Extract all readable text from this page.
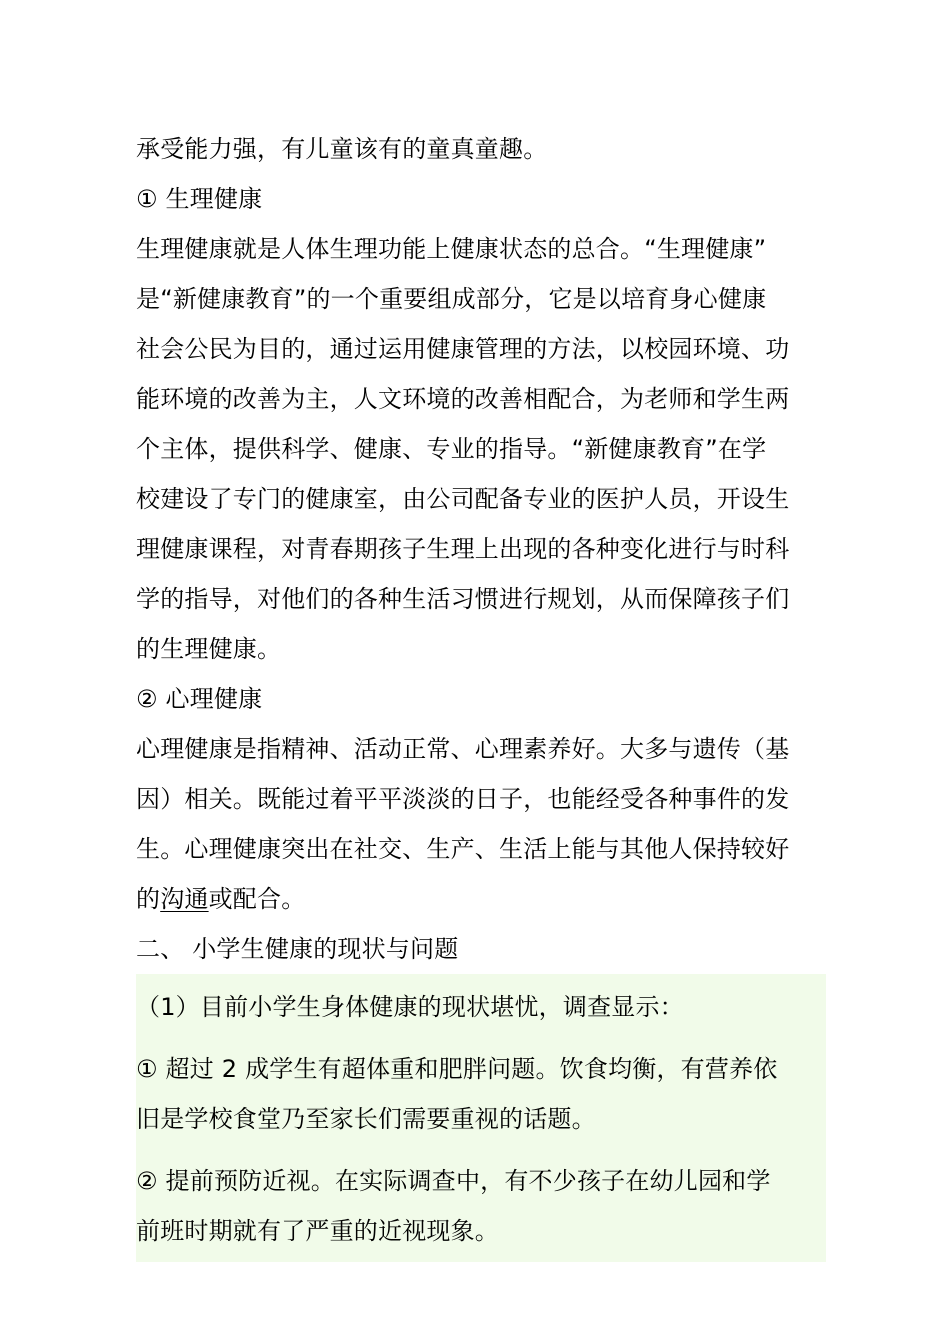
承受能力强，有儿童该有的童真童趣。
① 生理健康
生理健康就是人体生理功能上健康状态的总合。“生理健康”
是“新健康教育”的一个重要组成部分，它是以培育身心健康
社会公民为目的，通过运用健康管理的方法，以校园环境、功
能环境的改善为主，人文环境的改善相配合，为老师和学生两
个主体，提供科学、健康、专业的指导。“新健康教育”在学
校建设了专门的健康室，由公司配备专业的医护人员，开设生
理健康课程，对青春期孩子生理上出现的各种变化进行与时科
学的指导，对他们的各种生活习惯进行规划，从而保障孩子们
的生理健康。
② 心理健康
心理健康是指精神、活动正常、心理素养好。大多与遗传（基
因）相关。既能过着平平淡淡的日子，也能经受各种事件的发
生。心理健康突出在社交、生产、生活上能与其他人保持较好
的沟通或配合。
二、 小学生健康的现状与问题
（1）目前小学生身体健康的现状堪忧，调查显示：
① 超过 2 成学生有超体重和肥胖问题。饮食均衡，有营养依
旧是学校食堂乃至家长们需要重视的话题。
② 提前预防近视。在实际调查中，有不少孩子在幼儿园和学
前班时期就有了严重的近视现象。
